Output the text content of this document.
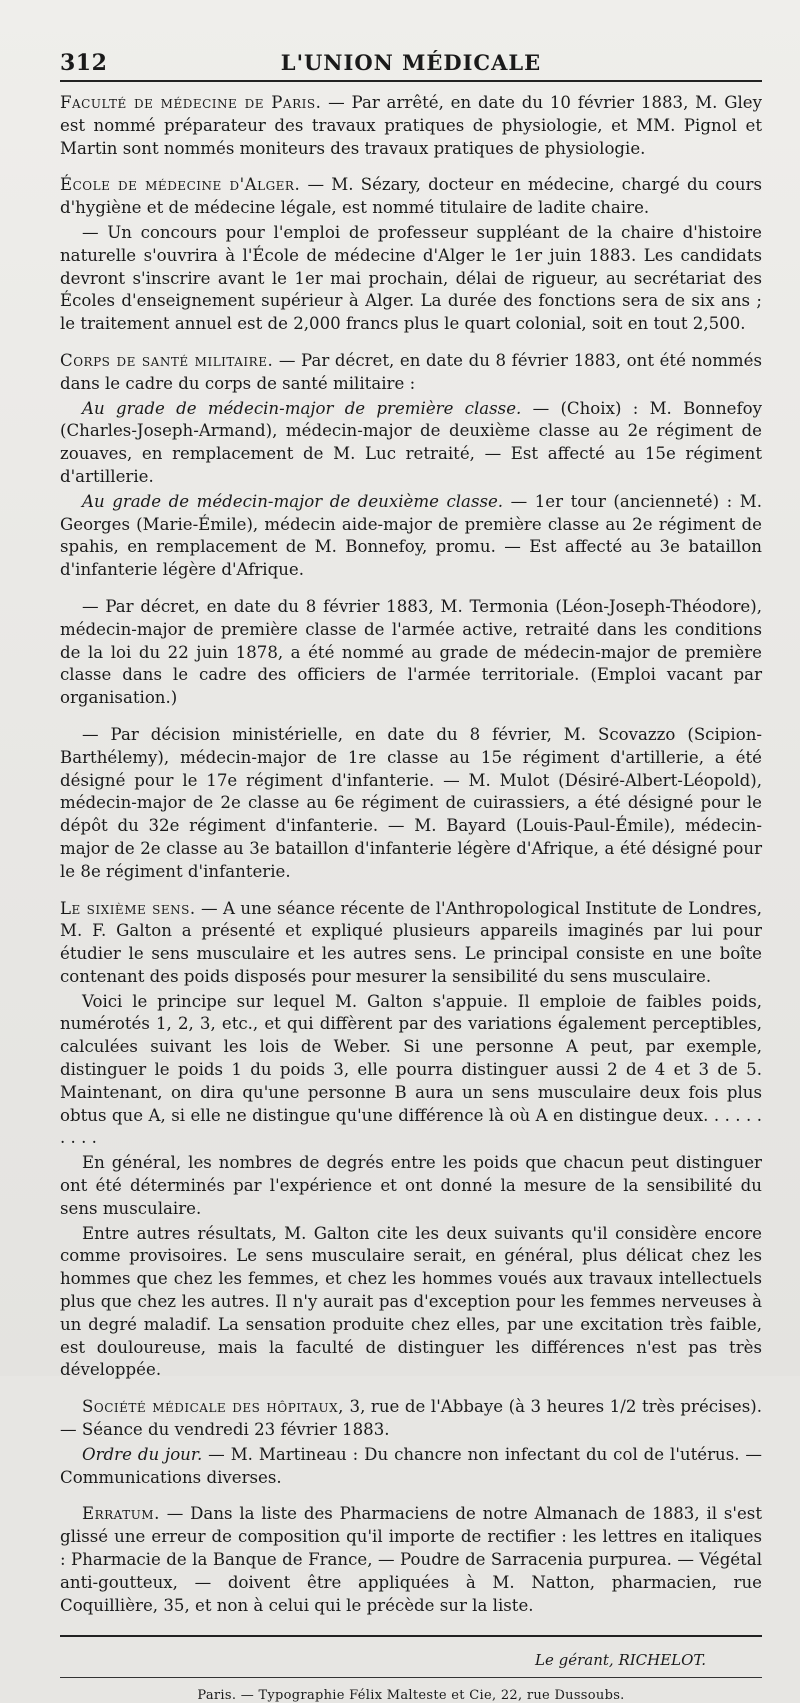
312	L'UNION MÉDICALE

Faculté de médecine de Paris. — Par arrêté, en date du 10 février 1883, M. Gley est nommé préparateur des travaux pratiques de physiologie, et MM. Pignol et Martin sont nommés moniteurs des travaux pratiques de physiologie.

École de médecine d'Alger. — M. Sézary, docteur en médecine, chargé du cours d'hygiène et de médecine légale, est nommé titulaire de ladite chaire.

— Un concours pour l'emploi de professeur suppléant de la chaire d'histoire naturelle s'ouvrira à l'École de médecine d'Alger le 1er juin 1883. Les candidats devront s'inscrire avant le 1er mai prochain, délai de rigueur, au secrétariat des Écoles d'enseignement supérieur à Alger. La durée des fonctions sera de six ans ; le traitement annuel est de 2,000 francs plus le quart colonial, soit en tout 2,500.

Corps de santé militaire. — Par décret, en date du 8 février 1883, ont été nommés dans le cadre du corps de santé militaire :

Au grade de médecin-major de première classe. — (Choix) : M. Bonnefoy (Charles-Joseph-Armand), médecin-major de deuxième classe au 2e régiment de zouaves, en remplacement de M. Luc retraité, — Est affecté au 15e régiment d'artillerie.

Au grade de médecin-major de deuxième classe. — 1er tour (ancienneté) : M. Georges (Marie-Émile), médecin aide-major de première classe au 2e régiment de spahis, en remplacement de M. Bonnefoy, promu. — Est affecté au 3e bataillon d'infanterie légère d'Afrique.

— Par décret, en date du 8 février 1883, M. Termonia (Léon-Joseph-Théodore), médecin-major de première classe de l'armée active, retraité dans les conditions de la loi du 22 juin 1878, a été nommé au grade de médecin-major de première classe dans le cadre des officiers de l'armée territoriale. (Emploi vacant par organisation.)

— Par décision ministérielle, en date du 8 février, M. Scovazzo (Scipion-Barthélemy), médecin-major de 1re classe au 15e régiment d'artillerie, a été désigné pour le 17e régiment d'infanterie. — M. Mulot (Désiré-Albert-Léopold), médecin-major de 2e classe au 6e régiment de cuirassiers, a été désigné pour le dépôt du 32e régiment d'infanterie. — M. Bayard (Louis-Paul-Émile), médecin-major de 2e classe au 3e bataillon d'infanterie légère d'Afrique, a été désigné pour le 8e régiment d'infanterie.

Le sixième sens. — A une séance récente de l'Anthropological Institute de Londres, M. F. Galton a présenté et expliqué plusieurs appareils imaginés par lui pour étudier le sens musculaire et les autres sens. Le principal consiste en une boîte contenant des poids disposés pour mesurer la sensibilité du sens musculaire.

Voici le principe sur lequel M. Galton s'appuie. Il emploie de faibles poids, numérotés 1, 2, 3, etc., et qui diffèrent par des variations également perceptibles, calculées suivant les lois de Weber. Si une personne A peut, par exemple, distinguer le poids 1 du poids 3, elle pourra distinguer aussi 2 de 4 et 3 de 5. Maintenant, on dira qu'une personne B aura un sens musculaire deux fois plus obtus que A, si elle ne distingue qu'une différence là où A en distingue deux. . . . . . . . . .

En général, les nombres de degrés entre les poids que chacun peut distinguer ont été déterminés par l'expérience et ont donné la mesure de la sensibilité du sens musculaire.

Entre autres résultats, M. Galton cite les deux suivants qu'il considère encore comme provisoires. Le sens musculaire serait, en général, plus délicat chez les hommes que chez les femmes, et chez les hommes voués aux travaux intellectuels plus que chez les autres. Il n'y aurait pas d'exception pour les femmes nerveuses à un degré maladif. La sensation produite chez elles, par une excitation très faible, est douloureuse, mais la faculté de distinguer les différences n'est pas très développée.

Société médicale des hôpitaux, 3, rue de l'Abbaye (à 3 heures 1/2 très précises). — Séance du vendredi 23 février 1883.

Ordre du jour. — M. Martineau : Du chancre non infectant du col de l'utérus. — Communications diverses.

Erratum. — Dans la liste des Pharmaciens de notre Almanach de 1883, il s'est glissé une erreur de composition qu'il importe de rectifier : les lettres en italiques : Pharmacie de la Banque de France, — Poudre de Sarracenia purpurea. — Végétal anti-goutteux, — doivent être appliquées à M. Natton, pharmacien, rue Coquillière, 35, et non à celui qui le précède sur la liste.

Le gérant, RICHELOT.
Paris. — Typographie Félix Malteste et Cie, 22, rue Dussoubs.
